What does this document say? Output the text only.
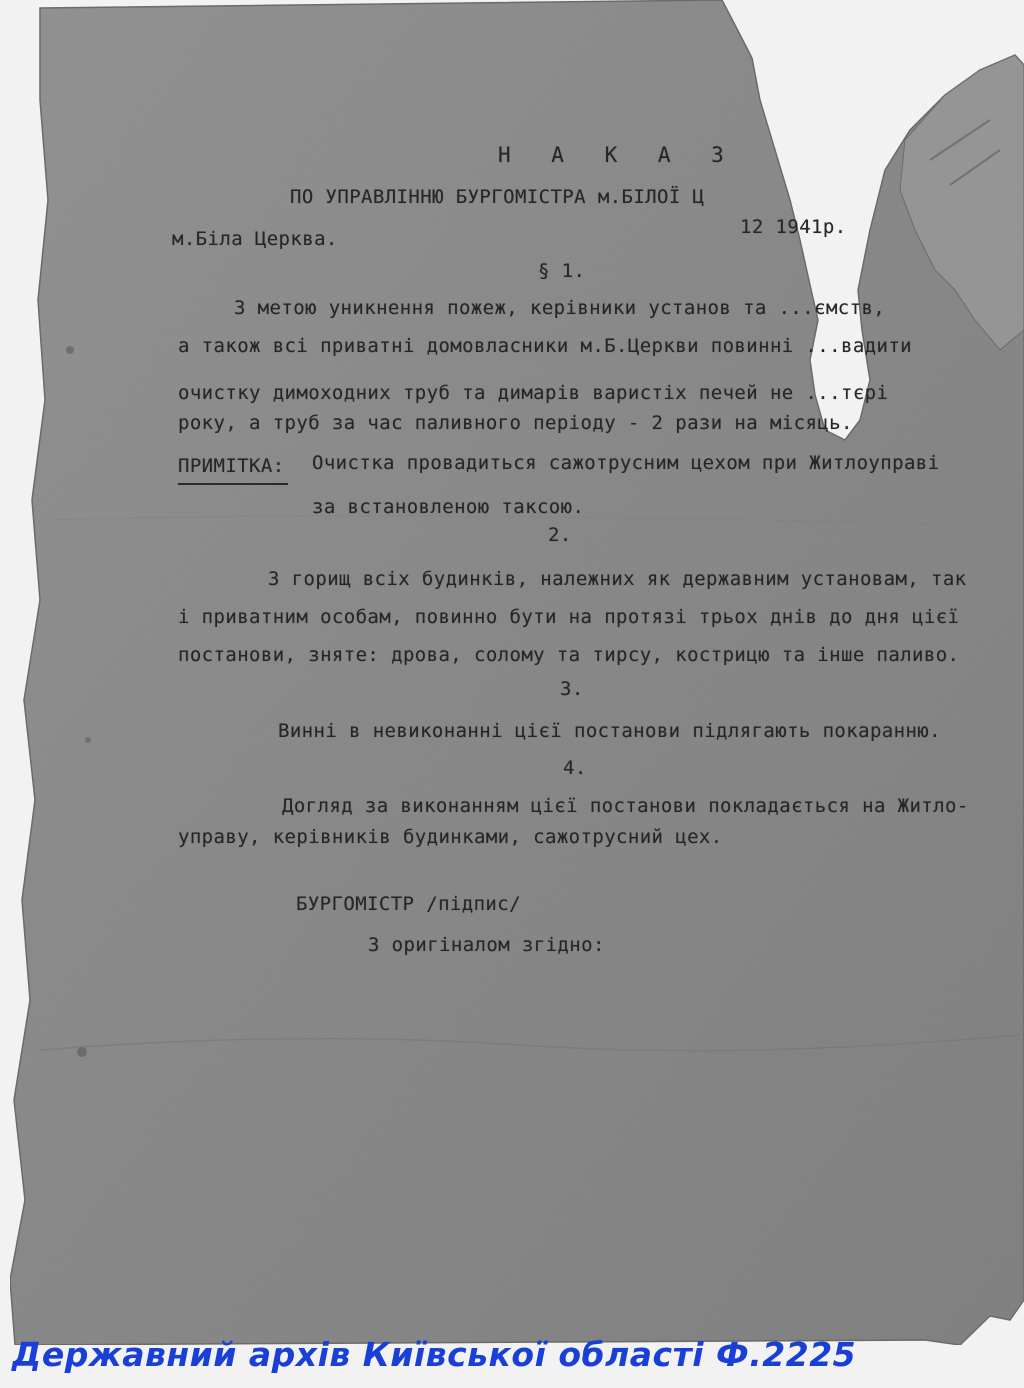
Н А К А З
ПО УПРАВЛІННЮ БУРГОМІСТРА м.БІЛОЇ Ц
м.Біла Церква.
12 1941р.
§ 1.
З метою уникнення пожеж, керівники установ та ...ємств,
а також всі приватні домовласники м.Б.Церкви повинні ...вадити
очистку димоходних труб та димарів варистіх печей не ...тєрі
року, а труб за час паливного періоду - 2 рази на місяць.
ПРИМІТКА: Очистка провадиться сажотрусним цехом при Житлоуправі
за встановленою таксою.
2.
З горищ всіх будинків, належних як державним установам, так
і приватним особам, повинно бути на протязі трьох днів до дня цієї
постанови, зняте: дрова, солому та тирсу, кострицю та інше паливо.
3.
Винні в невиконанні цієї постанови підлягають покаранню.
4.
Догляд за виконанням цієї постанови покладається на Житло-
управу, керівників будинками, сажотрусний цех.
БУРГОМІСТР /підпис/
З оригіналом згідно:
Державний архів Київської області Ф.2225
